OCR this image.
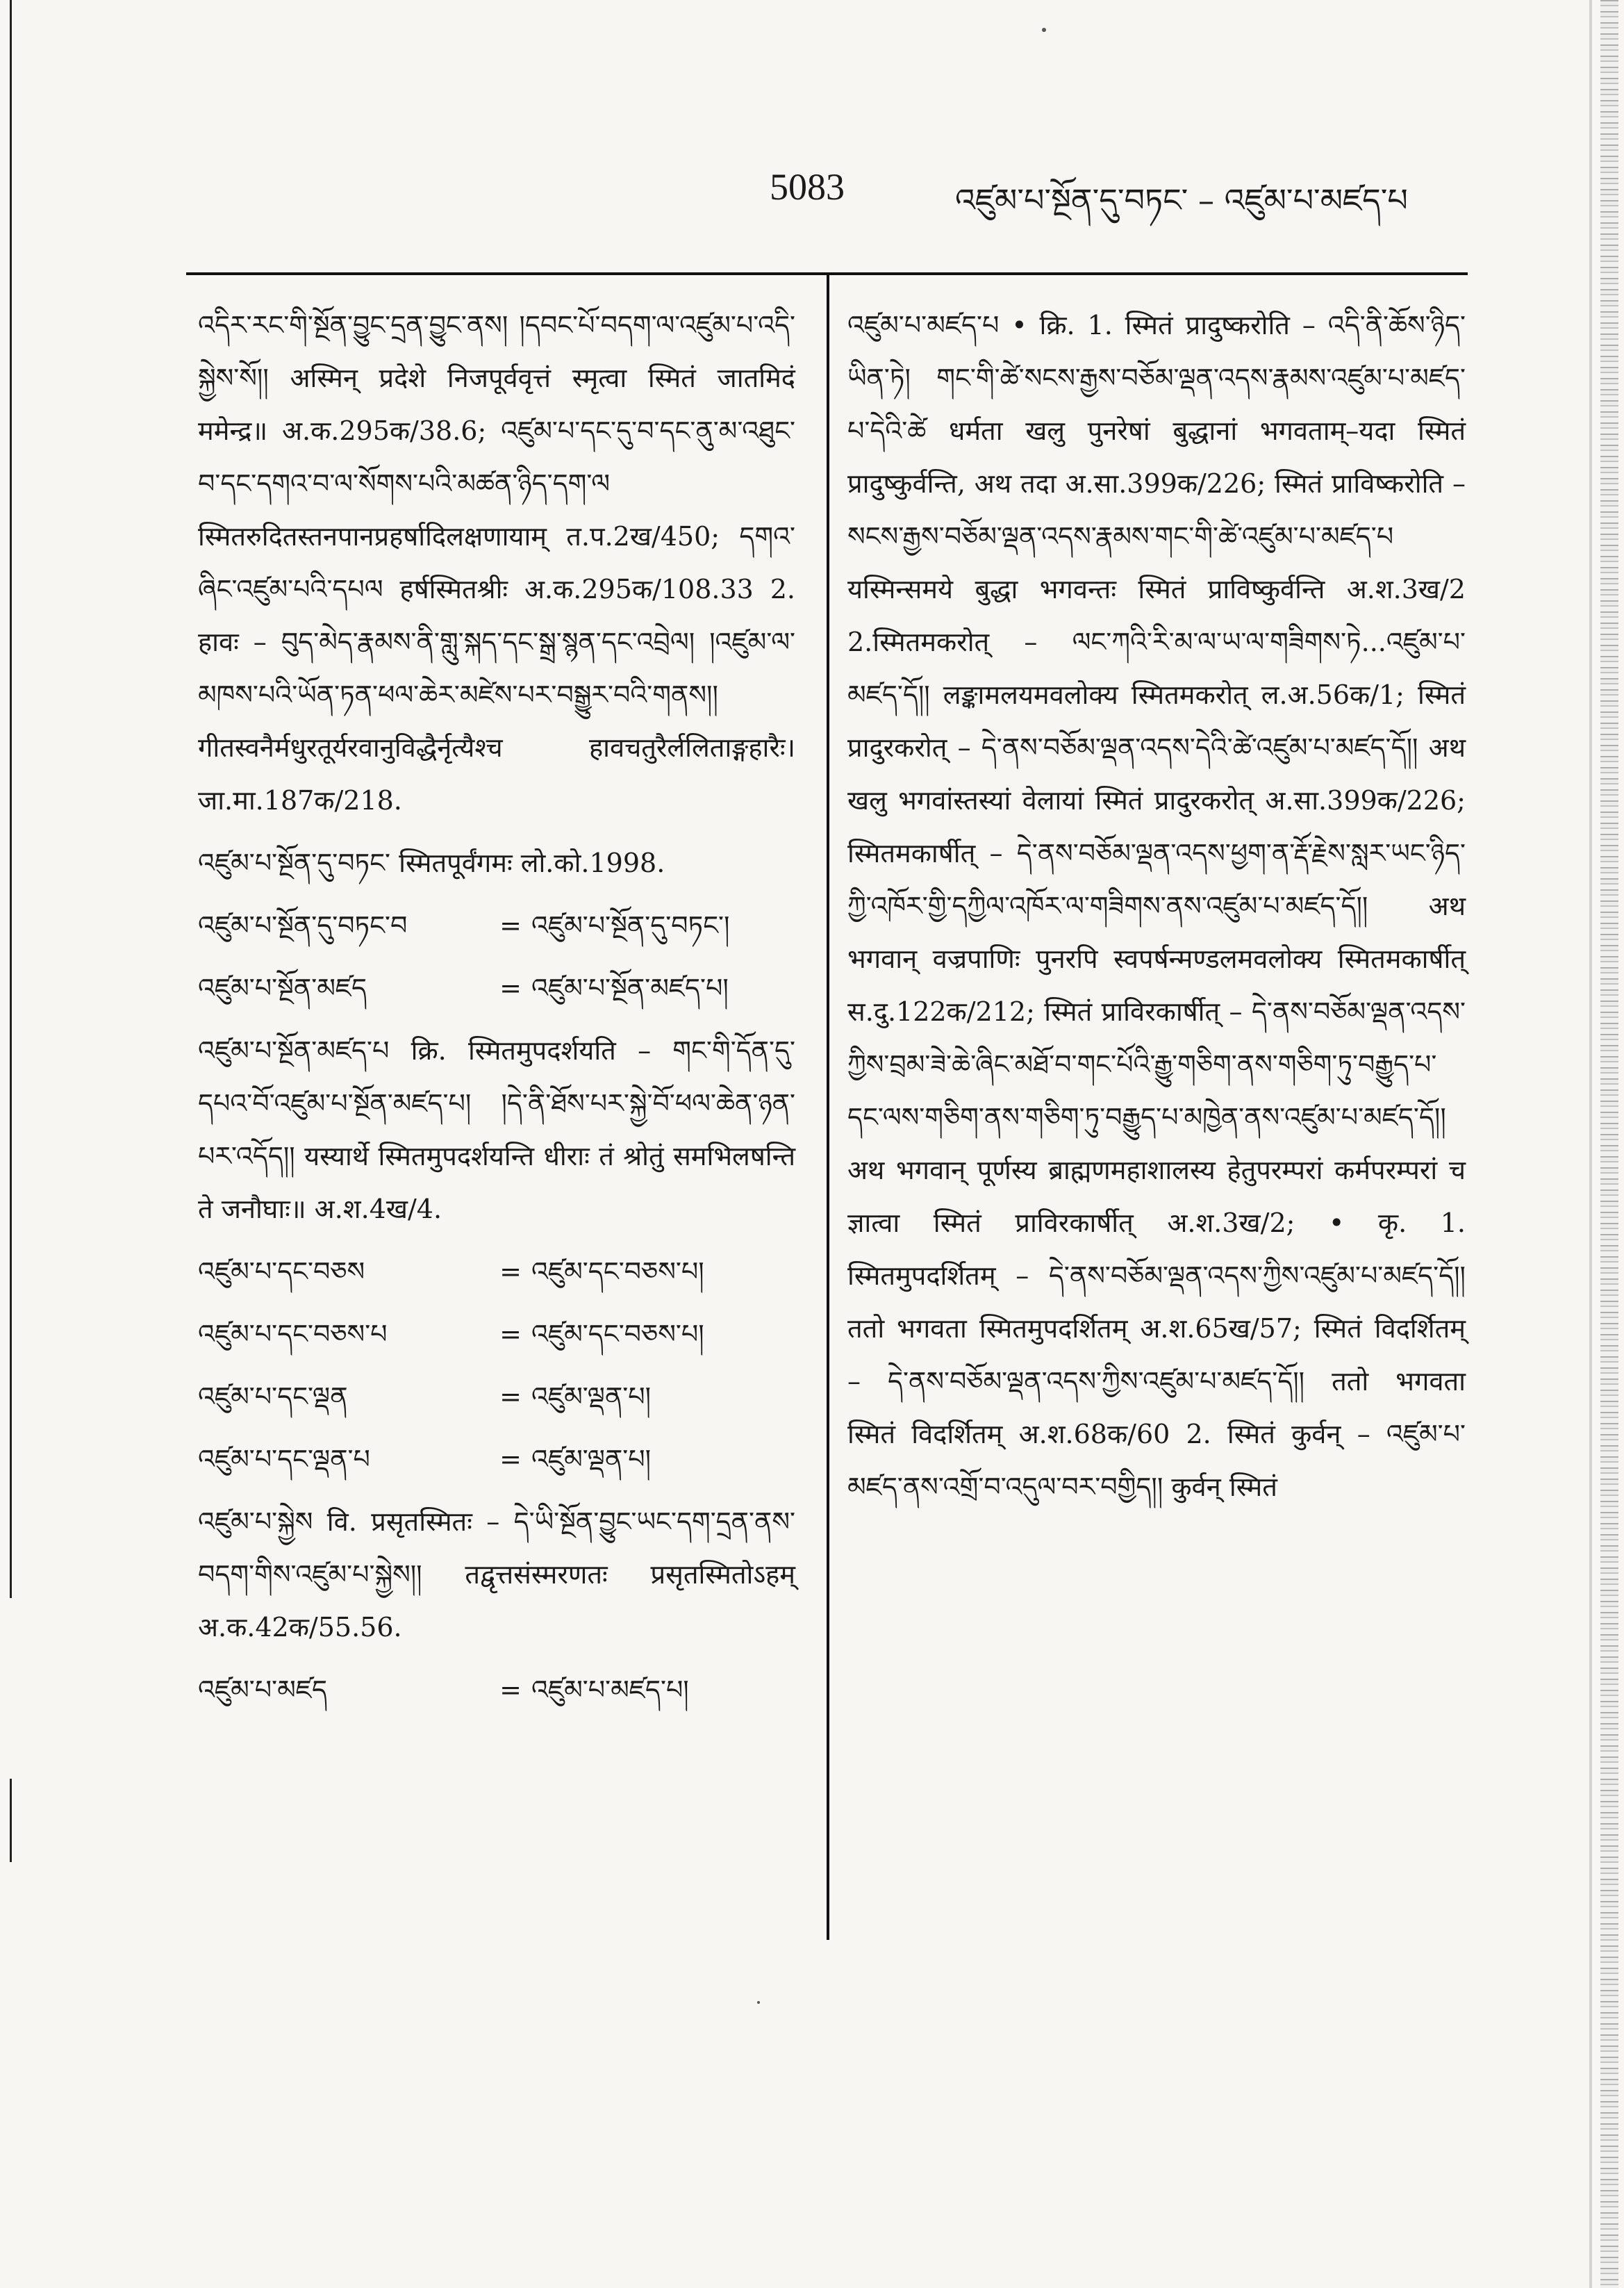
5083	འཛུམ་པ་སྔོན་དུ་བཏང་ – འཛུམ་པ་མཛད་པ

འདིར་རང་གི་སྔོན་བྱུང་དྲན་བྱུང་ནས། །དབང་པོ་བདག་ལ་འཛུམ་པ་འདི་སྐྱེས་སོ།། अस्मिन् प्रदेशे निजपूर्ववृत्तं स्मृत्वा स्मितं जातमिदं ममेन्द्र॥ अ.क.295क/38.6; འཛུམ་པ་དང་དུ་བ་དང་ནུ་མ་འཐུང་བ་དང་དགའ་བ་ལ་སོགས་པའི་མཚན་ཉིད་དག་ལ स्मितरुदितस्तनपानप्रहर्षादिलक्षणायाम् त.प.2ख/450; དགའ་ཞིང་འཛུམ་པའི་དཔལ हर्षस्मितश्रीः अ.क.295क/108.33 2. हावः – བུད་མེད་རྣམས་ནི་གླུ་སྐད་དང་སྒྲ་སྙན་དང་འབྲེལ། །འཛུམ་ལ་མཁས་པའི་ཡོན་ཏན་ཕལ་ཆེར་མཛེས་པར་བསྒྱུར་བའི་གནས།། गीतस्वनैर्मधुरतूर्यरवानुविद्धैर्नृत्यैश्च हावचतुरैर्ललिताङ्गहारैः। जा.मा.187क/218.

འཛུམ་པ་སྔོན་དུ་བཏང་ स्मितपूर्वंगमः लो.को.1998.

འཛུམ་པ་སྔོན་དུ་བཏང་བ	= འཛུམ་པ་སྔོན་དུ་བཏང་།
འཛུམ་པ་སྔོན་མཛད	= འཛུམ་པ་སྔོན་མཛད་པ།

འཛུམ་པ་སྔོན་མཛད་པ क्रि. स्मितमुपदर्शयति – གང་གི་དོན་དུ་དཔའ་བོ་འཛུམ་པ་སྔོན་མཛད་པ། །དེ་ནི་ཐོས་པར་སྐྱེ་བོ་ཕལ་ཆེན་ཉན་པར་འདོད།། यस्यार्थे स्मितमुपदर्शयन्ति धीराः तं श्रोतुं समभिलषन्ति ते जनौघाः॥ अ.श.4ख/4.

འཛུམ་པ་དང་བཅས	= འཛུམ་དང་བཅས་པ།
འཛུམ་པ་དང་བཅས་པ	= འཛུམ་དང་བཅས་པ།
འཛུམ་པ་དང་ལྡན	= འཛུམ་ལྡན་པ།
འཛུམ་པ་དང་ལྡན་པ	= འཛུམ་ལྡན་པ།

འཛུམ་པ་སྐྱེས वि. प्रसृतस्मितः – དེ་ཡི་སྔོན་བྱུང་ཡང་དག་དྲན་ནས་བདག་གིས་འཛུམ་པ་སྐྱེས།། तद्वृत्तसंस्मरणतः प्रसृतस्मितोऽहम् अ.क.42क/55.56.

འཛུམ་པ་མཛད	= འཛུམ་པ་མཛད་པ།

འཛུམ་པ་མཛད་པ • क्रि. 1. स्मितं प्रादुष्करोति – འདི་ནི་ཆོས་ཉིད་ཡིན་ཏེ། གང་གི་ཚེ་སངས་རྒྱས་བཅོམ་ལྡན་འདས་རྣམས་འཛུམ་པ་མཛད་པ་དེའི་ཚེ धर्मता खलु पुनरेषां बुद्धानां भगवताम्–यदा स्मितं प्रादुष्कुर्वन्ति, अथ तदा अ.सा.399क/226; स्मितं प्राविष्करोति – སངས་རྒྱས་བཅོམ་ལྡན་འདས་རྣམས་གང་གི་ཚེ་འཛུམ་པ་མཛད་པ यस्मिन्समये बुद्धा भगवन्तः स्मितं प्राविष्कुर्वन्ति अ.श.3ख/2 2.स्मितमकरोत् – ལང་ཀའི་རི་མ་ལ་ཡ་ལ་གཟིགས་ཏེ...འཛུམ་པ་མཛད་དོ།། लङ्कामलयमवलोक्य स्मितमकरोत् ल.अ.56क/1; स्मितं प्रादुरकरोत् – དེ་ནས་བཅོམ་ལྡན་འདས་དེའི་ཚེ་འཛུམ་པ་མཛད་དོ།། अथ खलु भगवांस्तस्यां वेलायां स्मितं प्रादुरकरोत् अ.सा.399क/226; स्मितमकार्षीत् – དེ་ནས་བཅོམ་ལྡན་འདས་ཕྱག་ན་རྡོ་རྗེས་སླར་ཡང་ཉིད་ཀྱི་འཁོར་གྱི་དཀྱིལ་འཁོར་ལ་གཟིགས་ནས་འཛུམ་པ་མཛད་དོ།། अथ भगवान् वज्रपाणिः पुनरपि स्वपर्षन्मण्डलमवलोक्य स्मितमकार्षीत् स.दु.122क/212; स्मितं प्राविरकार्षीत् – དེ་ནས་བཅོམ་ལྡན་འདས་ཀྱིས་བྲམ་ཟེ་ཆེ་ཞིང་མཐོ་བ་གང་པོའི་རྒྱུ་གཅིག་ནས་གཅིག་ཏུ་བརྒྱུད་པ་དང་ལས་གཅིག་ནས་གཅིག་ཏུ་བརྒྱུད་པ་མཁྱེན་ནས་འཛུམ་པ་མཛད་དོ།། अथ भगवान् पूर्णस्य ब्राह्मणमहाशालस्य हेतुपरम्परां कर्मपरम्परां च ज्ञात्वा स्मितं प्राविरकार्षीत् अ.श.3ख/2; • कृ. 1. स्मितमुपदर्शितम् – དེ་ནས་བཅོམ་ལྡན་འདས་ཀྱིས་འཛུམ་པ་མཛད་དོ།། ततो भगवता स्मितमुपदर्शितम् अ.श.65ख/57; स्मितं विदर्शितम् – དེ་ནས་བཅོམ་ལྡན་འདས་ཀྱིས་འཛུམ་པ་མཛད་དོ།། ततो भगवता स्मितं विदर्शितम् अ.श.68क/60 2. स्मितं कुर्वन् – འཛུམ་པ་མཛད་ནས་འགྲོ་བ་འདུལ་བར་བགྱིད།། कुर्वन् स्मितं
